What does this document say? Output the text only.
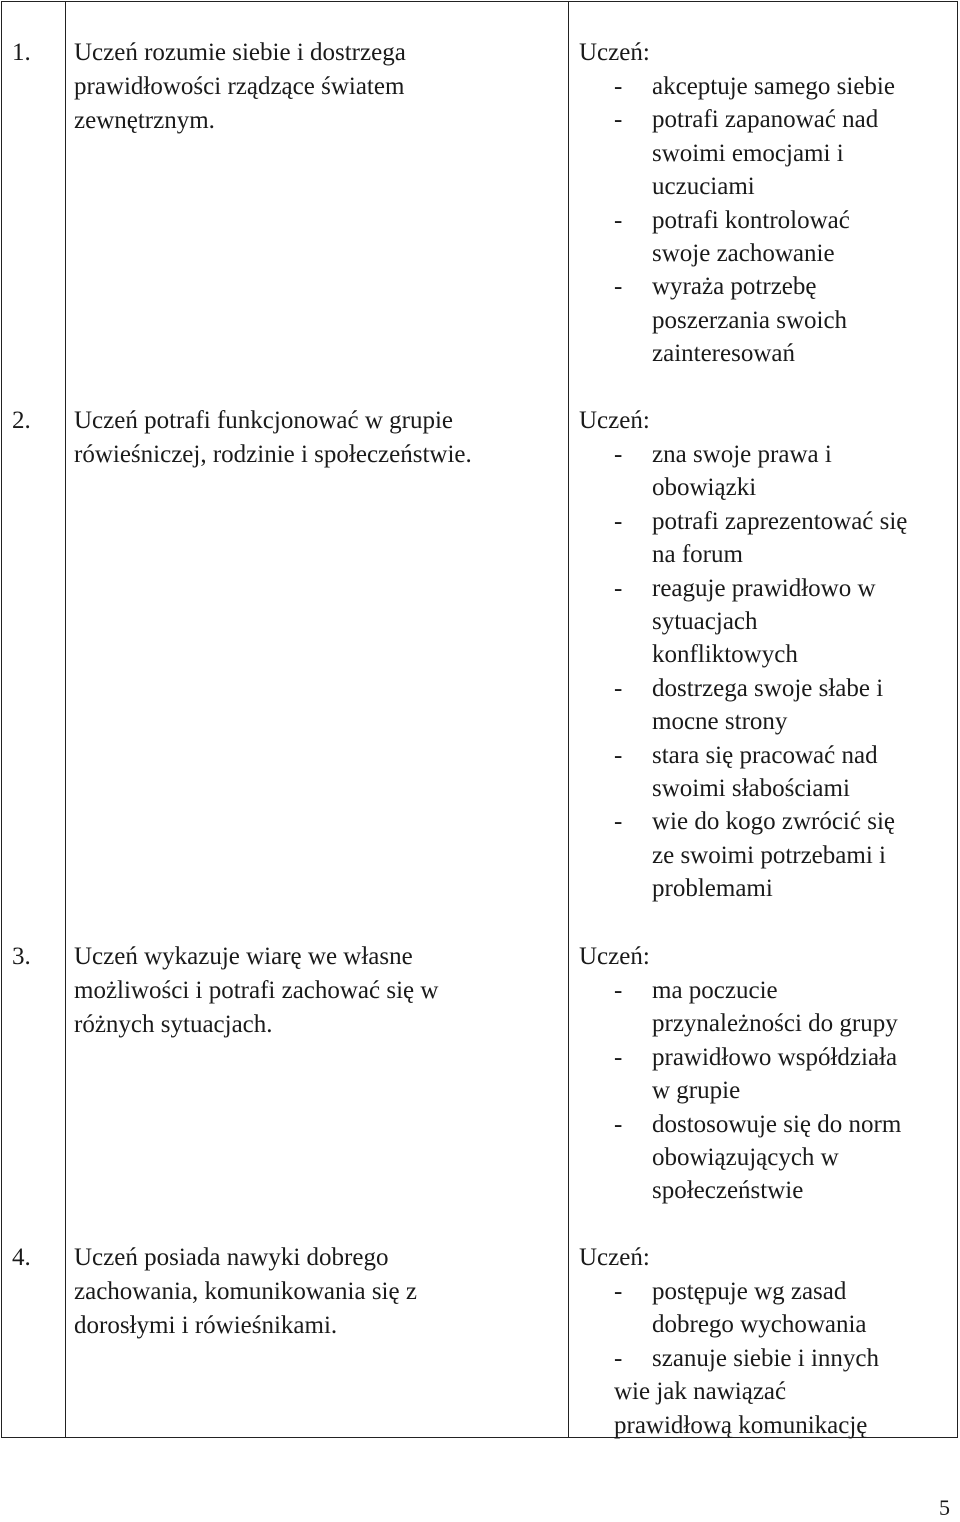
1. Uczeń rozumie siebie i dostrzega
prawidłowości rządzące światem
zewnętrznym.
Uczeń:
- akceptuje samego siebie
- potrafi zapanować nad
swoimi emocjami i
uczuciami
- potrafi kontrolować
swoje zachowanie
- wyraża potrzebę
poszerzania swoich
zainteresowań
2. Uczeń potrafi funkcjonować w grupie
rówieśniczej, rodzinie i społeczeństwie.
Uczeń:
- zna swoje prawa i
obowiązki
- potrafi zaprezentować się
na forum
- reaguje prawidłowo w
sytuacjach
konfliktowych
- dostrzega swoje słabe i
mocne strony
- stara się pracować nad
swoimi słabościami
- wie do kogo zwrócić się
ze swoimi potrzebami i
problemami
3. Uczeń wykazuje wiarę we własne
możliwości i potrafi zachować się w
różnych sytuacjach.
Uczeń:
- ma poczucie
przynależności do grupy
- prawidłowo współdziała
w grupie
- dostosowuje się do norm
obowiązujących w
społeczeństwie
4. Uczeń posiada nawyki dobrego
zachowania, komunikowania się z
dorosłymi i rówieśnikami.
Uczeń:
- postępuje wg zasad
dobrego wychowania
- szanuje siebie i innych
wie jak nawiązać
prawidłową komunikację
5
